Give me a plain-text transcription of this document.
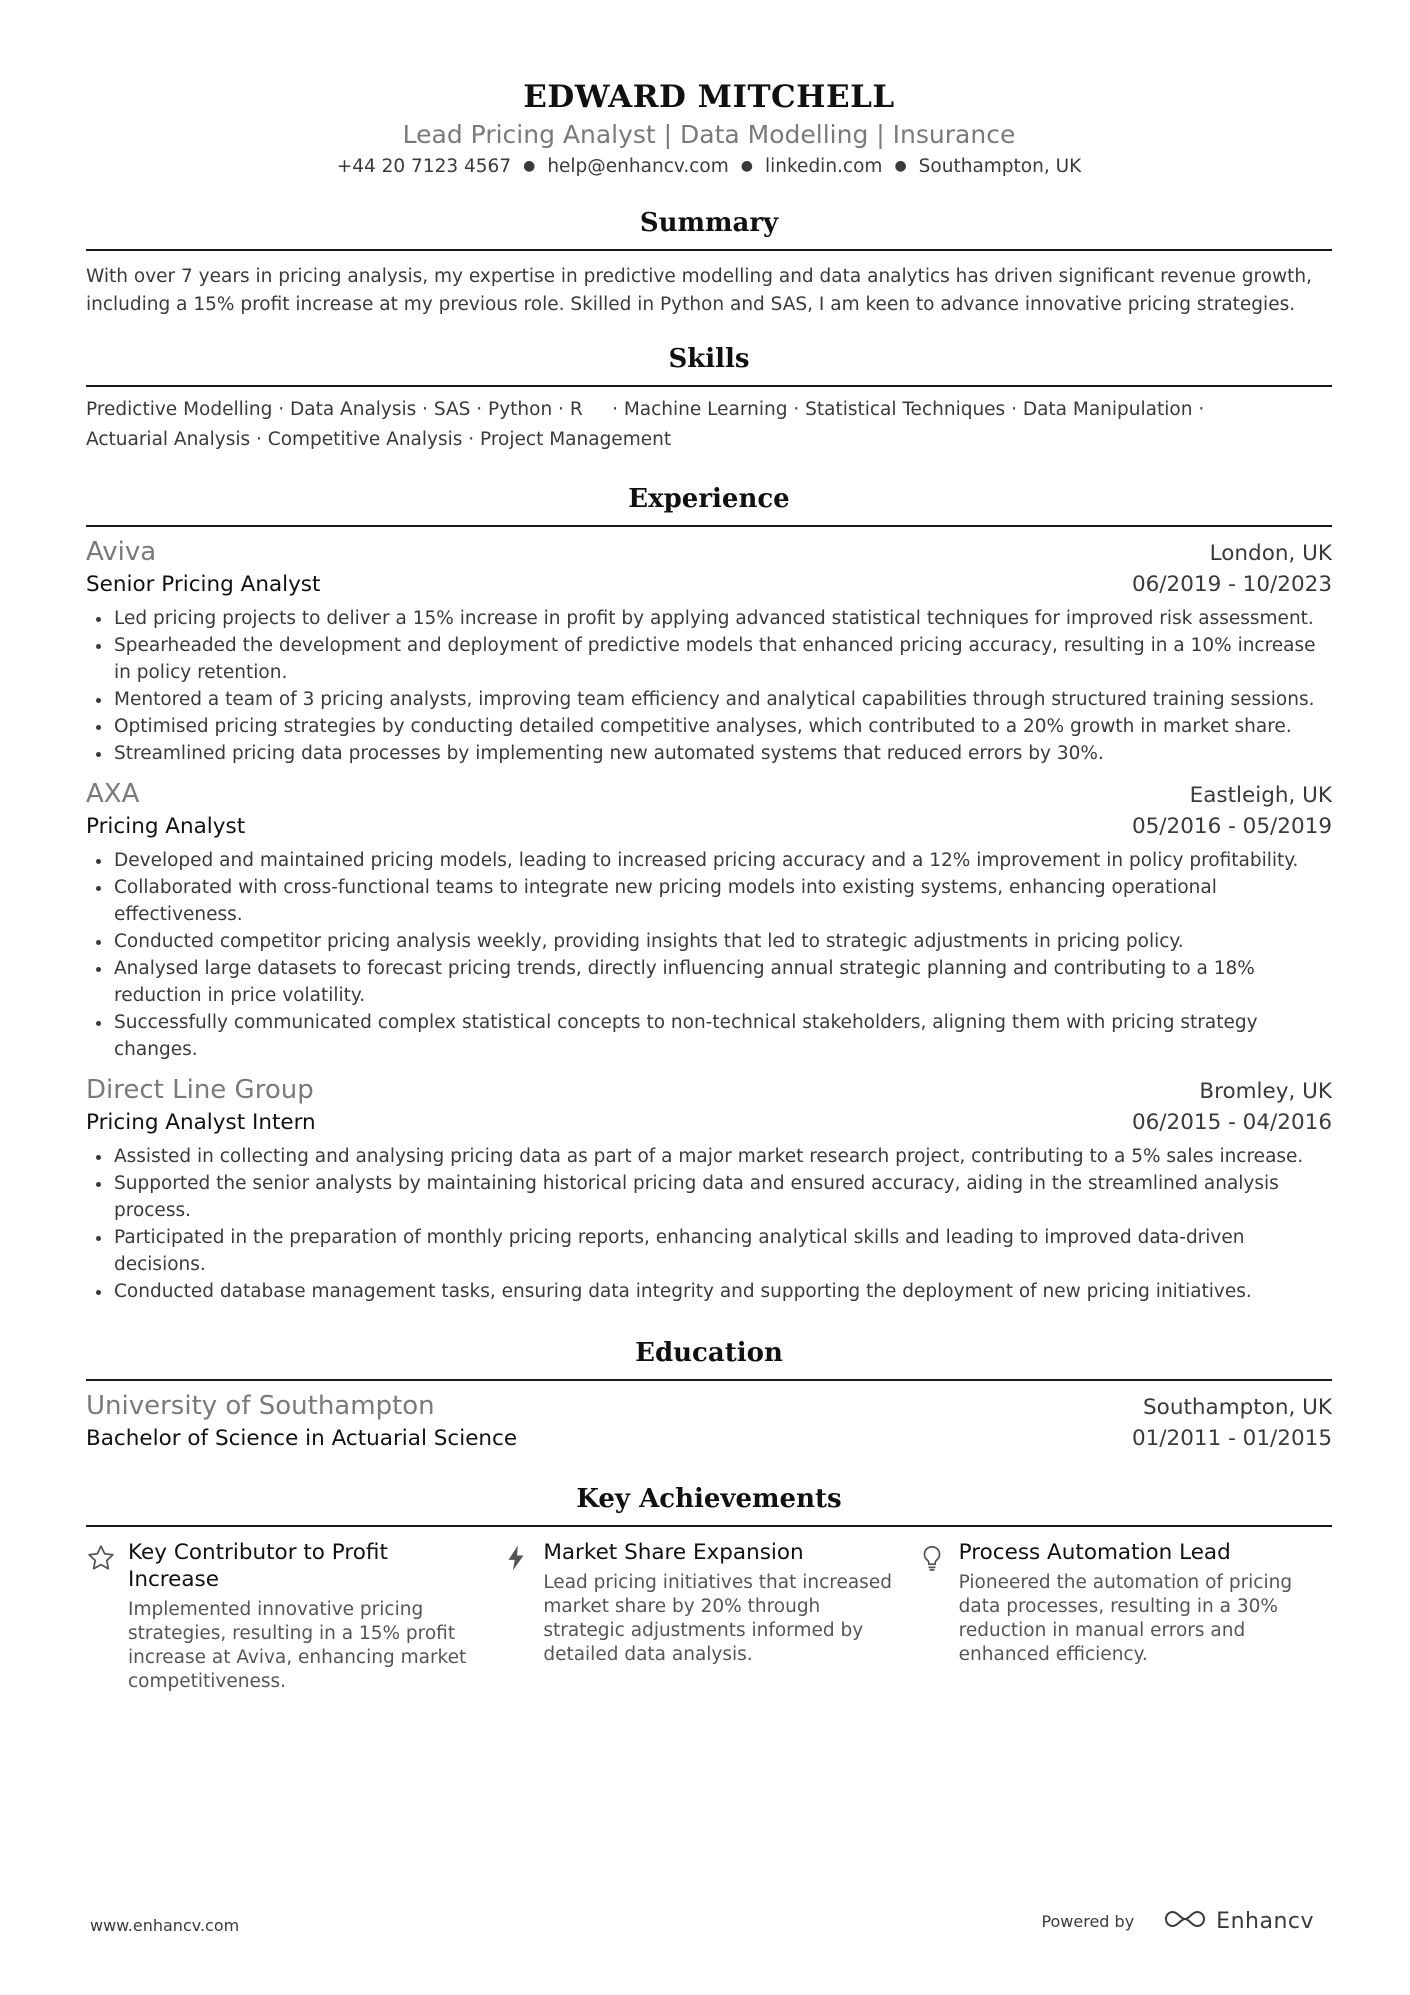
EDWARD MITCHELL
Lead Pricing Analyst | Data Modelling | Insurance
+44 20 7123 4567 ● help@enhancv.com ● linkedin.com ● Southampton, UK
Summary
With over 7 years in pricing analysis, my expertise in predictive modelling and data analytics has driven significant revenue growth, including a 15% profit increase at my previous role. Skilled in Python and SAS, I am keen to advance innovative pricing strategies.
Skills
Predictive Modelling · Data Analysis · SAS · Python · R     · Machine Learning · Statistical Techniques · Data Manipulation ·
Actuarial Analysis · Competitive Analysis · Project Management
Experience
Aviva	London, UK
Senior Pricing Analyst	06/2019 - 10/2023
Led pricing projects to deliver a 15% increase in profit by applying advanced statistical techniques for improved risk assessment.
Spearheaded the development and deployment of predictive models that enhanced pricing accuracy, resulting in a 10% increase in policy retention.
Mentored a team of 3 pricing analysts, improving team efficiency and analytical capabilities through structured training sessions.
Optimised pricing strategies by conducting detailed competitive analyses, which contributed to a 20% growth in market share.
Streamlined pricing data processes by implementing new automated systems that reduced errors by 30%.
AXA	Eastleigh, UK
Pricing Analyst	05/2016 - 05/2019
Developed and maintained pricing models, leading to increased pricing accuracy and a 12% improvement in policy profitability.
Collaborated with cross-functional teams to integrate new pricing models into existing systems, enhancing operational effectiveness.
Conducted competitor pricing analysis weekly, providing insights that led to strategic adjustments in pricing policy.
Analysed large datasets to forecast pricing trends, directly influencing annual strategic planning and contributing to a 18% reduction in price volatility.
Successfully communicated complex statistical concepts to non-technical stakeholders, aligning them with pricing strategy changes.
Direct Line Group	Bromley, UK
Pricing Analyst Intern	06/2015 - 04/2016
Assisted in collecting and analysing pricing data as part of a major market research project, contributing to a 5% sales increase.
Supported the senior analysts by maintaining historical pricing data and ensured accuracy, aiding in the streamlined analysis process.
Participated in the preparation of monthly pricing reports, enhancing analytical skills and leading to improved data-driven decisions.
Conducted database management tasks, ensuring data integrity and supporting the deployment of new pricing initiatives.
Education
University of Southampton	Southampton, UK
Bachelor of Science in Actuarial Science	01/2011 - 01/2015
Key Achievements
Key Contributor to Profit Increase
Implemented innovative pricing strategies, resulting in a 15% profit increase at Aviva, enhancing market competitiveness.
Market Share Expansion
Lead pricing initiatives that increased market share by 20% through strategic adjustments informed by detailed data analysis.
Process Automation Lead
Pioneered the automation of pricing data processes, resulting in a 30% reduction in manual errors and enhanced efficiency.
www.enhancv.com	Powered by	Enhancv
